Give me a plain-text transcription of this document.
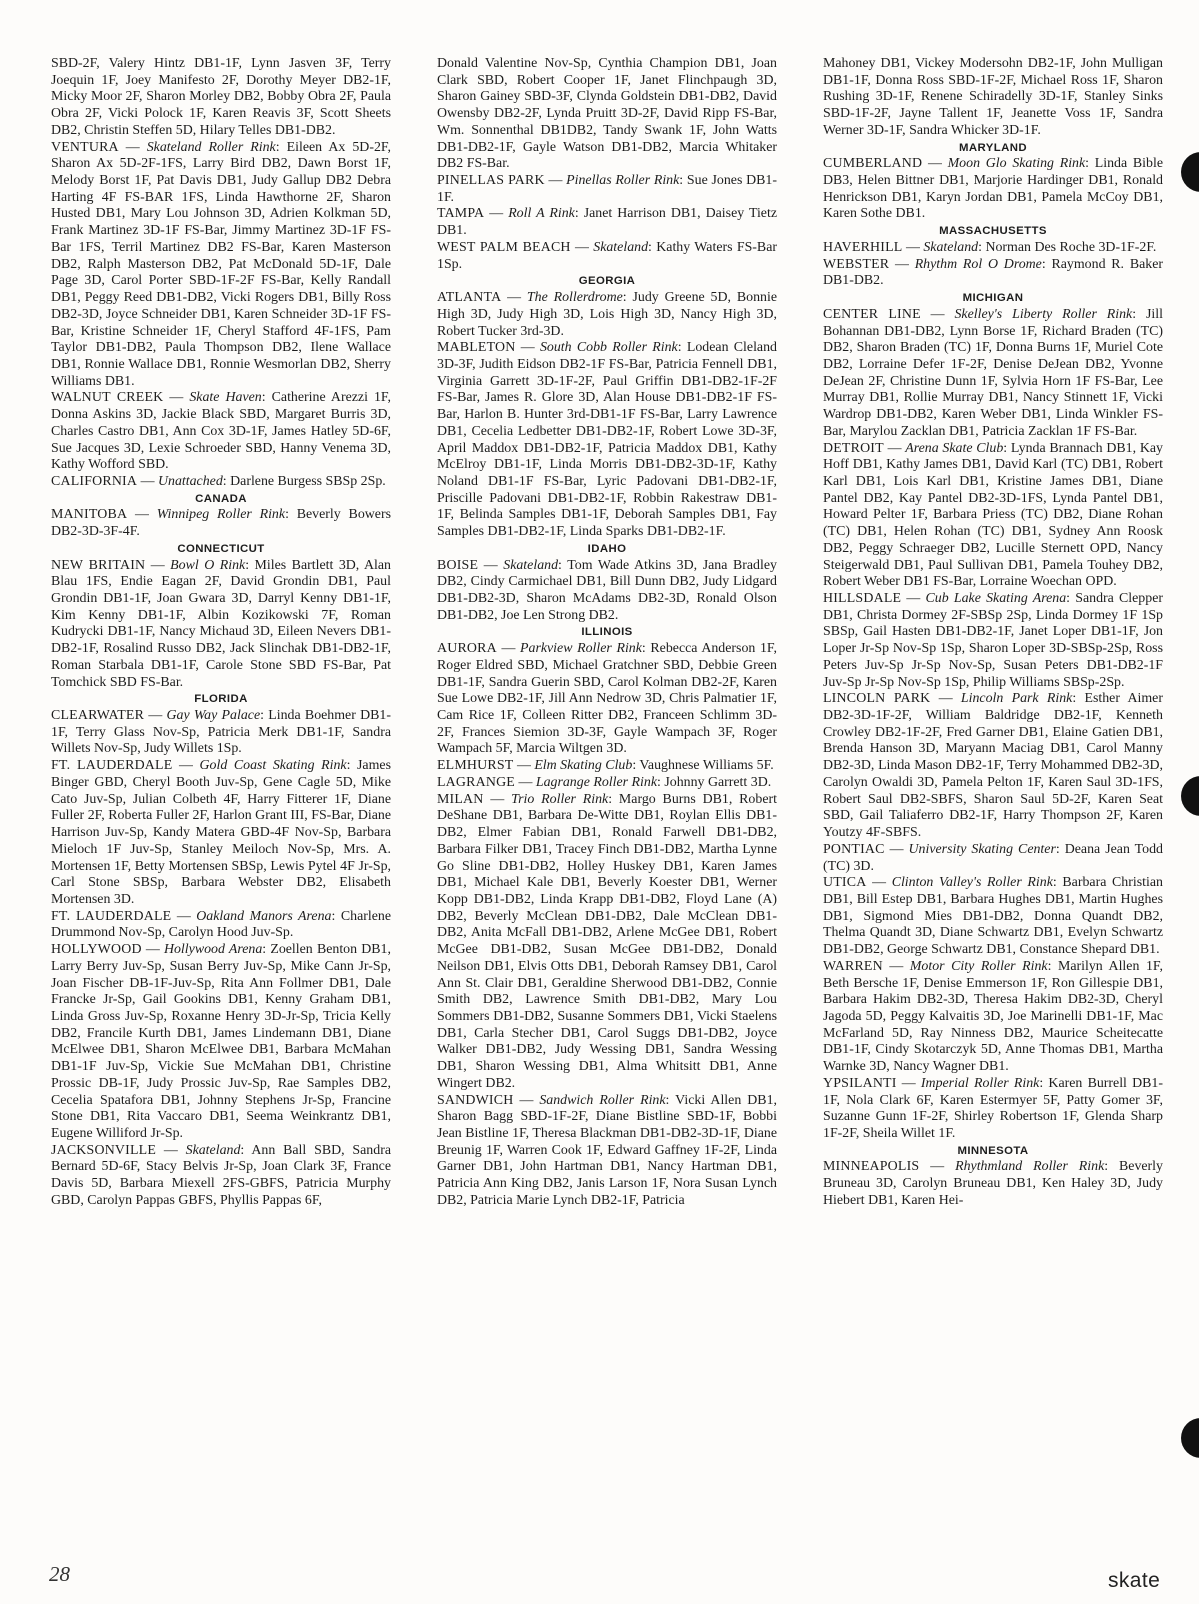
SBD-2F, Valery Hintz DB1-1F, Lynn Jasven 3F, Terry Joequin 1F, Joey Manifesto 2F, Dorothy Meyer DB2-1F, Micky Moor 2F, Sharon Morley DB2, Bobby Obra 2F, Paula Obra 2F, Vicki Polock 1F, Karen Reavis 3F, Scott Sheets DB2, Christin Steffen 5D, Hilary Telles DB1-DB2.

VENTURA — Skateland Roller Rink: Eileen Ax 5D-2F, Sharon Ax 5D-2F-1FS, Larry Bird DB2, Dawn Borst 1F, Melody Borst 1F, Pat Davis DB1, Judy Gallup DB2 Debra Harting 4F FS-BAR 1FS, Linda Hawthorne 2F, Sharon Husted DB1, Mary Lou Johnson 3D, Adrien Kolkman 5D, Frank Martinez 3D-1F FS-Bar, Jimmy Martinez 3D-1F FS-Bar 1FS, Terril Martinez DB2 FS-Bar, Karen Masterson DB2, Ralph Masterson DB2, Pat McDonald 5D-1F, Dale Page 3D, Carol Porter SBD-1F-2F FS-Bar, Kelly Randall DB1, Peggy Reed DB1-DB2, Vicki Rogers DB1, Billy Ross DB2-3D, Joyce Schneider DB1, Karen Schneider 3D-1F FS-Bar, Kristine Schneider 1F, Cheryl Stafford 4F-1FS, Pam Taylor DB1-DB2, Paula Thompson DB2, Ilene Wallace DB1, Ronnie Wallace DB1, Ronnie Wesmorlan DB2, Sherry Williams DB1.

WALNUT CREEK — Skate Haven: Catherine Arezzi 1F, Donna Askins 3D, Jackie Black SBD, Margaret Burris 3D, Charles Castro DB1, Ann Cox 3D-1F, James Hatley 5D-6F, Sue Jacques 3D, Lexie Schroeder SBD, Hanny Venema 3D, Kathy Wofford SBD.

CALIFORNIA — Unattached: Darlene Burgess SBSp 2Sp.

CANADA

MANITOBA — Winnipeg Roller Rink: Beverly Bowers DB2-3D-3F-4F.

CONNECTICUT

NEW BRITAIN — Bowl O Rink: Miles Bartlett 3D, Alan Blau 1FS, Endie Eagan 2F, David Grondin DB1, Paul Grondin DB1-1F, Joan Gwara 3D, Darryl Kenny DB1-1F, Kim Kenny DB1-1F, Albin Kozikowski 7F, Roman Kudrycki DB1-1F, Nancy Michaud 3D, Eileen Nevers DB1-DB2-1F, Rosalind Russo DB2, Jack Slinchak DB1-DB2-1F, Roman Starbala DB1-1F, Carole Stone SBD FS-Bar, Pat Tomchick SBD FS-Bar.

FLORIDA

CLEARWATER — Gay Way Palace: Linda Boehmer DB1-1F, Terry Glass Nov-Sp, Patricia Merk DB1-1F, Sandra Willets Nov-Sp, Judy Willets 1Sp.

FT. LAUDERDALE — Gold Coast Skating Rink: James Binger GBD, Cheryl Booth Juv-Sp, Gene Cagle 5D, Mike Cato Juv-Sp, Julian Colbeth 4F, Harry Fitterer 1F, Diane Fuller 2F, Roberta Fuller 2F, Harlon Grant III, FS-Bar, Diane Harrison Juv-Sp, Kandy Matera GBD-4F Nov-Sp, Barbara Mieloch 1F Juv-Sp, Stanley Meiloch Nov-Sp, Mrs. A. Mortensen 1F, Betty Mortensen SBSp, Lewis Pytel 4F Jr-Sp, Carl Stone SBSp, Barbara Webster DB2, Elisabeth Mortensen 3D.

FT. LAUDERDALE — Oakland Manors Arena: Charlene Drummond Nov-Sp, Carolyn Hood Juv-Sp.

HOLLYWOOD — Hollywood Arena: Zoellen Benton DB1, Larry Berry Juv-Sp, Susan Berry Juv-Sp, Mike Cann Jr-Sp, Joan Fischer DB-1F-Juv-Sp, Rita Ann Follmer DB1, Dale Francke Jr-Sp, Gail Gookins DB1, Kenny Graham DB1, Linda Gross Juv-Sp, Roxanne Henry 3D-Jr-Sp, Tricia Kelly DB2, Francile Kurth DB1, James Lindemann DB1, Diane McElwee DB1, Sharon McElwee DB1, Barbara McMahan DB1-1F Juv-Sp, Vickie Sue McMahan DB1, Christine Prossic DB-1F, Judy Prossic Juv-Sp, Rae Samples DB2, Cecelia Spatafora DB1, Johnny Stephens Jr-Sp, Francine Stone DB1, Rita Vaccaro DB1, Seema Weinkrantz DB1, Eugene Williford Jr-Sp.

JACKSONVILLE — Skateland: Ann Ball SBD, Sandra Bernard 5D-6F, Stacy Belvis Jr-Sp, Joan Clark 3F, France Davis 5D, Barbara Miexell 2FS-GBFS, Patricia Murphy GBD, Carolyn Pappas GBFS, Phyllis Pappas 6F,

Donald Valentine Nov-Sp, Cynthia Champion DB1, Joan Clark SBD, Robert Cooper 1F, Janet Flinchpaugh 3D, Sharon Gainey SBD-3F, Clynda Goldstein DB1-DB2, David Owensby DB2-2F, Lynda Pruitt 3D-2F, David Ripp FS-Bar, Wm. Sonnenthal DB1DB2, Tandy Swank 1F, John Watts DB1-DB2-1F, Gayle Watson DB1-DB2, Marcia Whitaker DB2 FS-Bar.

PINELLAS PARK — Pinellas Roller Rink: Sue Jones DB1-1F.

TAMPA — Roll A Rink: Janet Harrison DB1, Daisey Tietz DB1.

WEST PALM BEACH — Skateland: Kathy Waters FS-Bar 1Sp.

GEORGIA

ATLANTA — The Rollerdrome: Judy Greene 5D, Bonnie High 3D, Judy High 3D, Lois High 3D, Nancy High 3D, Robert Tucker 3rd-3D.

MABLETON — South Cobb Roller Rink: Lodean Cleland 3D-3F, Judith Eidson DB2-1F FS-Bar, Patricia Fennell DB1, Virginia Garrett 3D-1F-2F, Paul Griffin DB1-DB2-1F-2F FS-Bar, James R. Glore 3D, Alan House DB1-DB2-1F FS-Bar, Harlon B. Hunter 3rd-DB1-1F FS-Bar, Larry Lawrence DB1, Cecelia Ledbetter DB1-DB2-1F, Robert Lowe 3D-3F, April Maddox DB1-DB2-1F, Patricia Maddox DB1, Kathy McElroy DB1-1F, Linda Morris DB1-DB2-3D-1F, Kathy Noland DB1-1F FS-Bar, Lyric Padovani DB1-DB2-1F, Priscille Padovani DB1-DB2-1F, Robbin Rakestraw DB1-1F, Belinda Samples DB1-1F, Deborah Samples DB1, Fay Samples DB1-DB2-1F, Linda Sparks DB1-DB2-1F.

IDAHO

BOISE — Skateland: Tom Wade Atkins 3D, Jana Bradley DB2, Cindy Carmichael DB1, Bill Dunn DB2, Judy Lidgard DB1-DB2-3D, Sharon McAdams DB2-3D, Ronald Olson DB1-DB2, Joe Len Strong DB2.

ILLINOIS

AURORA — Parkview Roller Rink: Rebecca Anderson 1F, Roger Eldred SBD, Michael Gratchner SBD, Debbie Green DB1-1F, Sandra Guerin SBD, Carol Kolman DB2-2F, Karen Sue Lowe DB2-1F, Jill Ann Nedrow 3D, Chris Palmatier 1F, Cam Rice 1F, Colleen Ritter DB2, Franceen Schlimm 3D-2F, Frances Siemion 3D-3F, Gayle Wampach 3F, Roger Wampach 5F, Marcia Wiltgen 3D.

ELMHURST — Elm Skating Club: Vaughnese Williams 5F.

LAGRANGE — Lagrange Roller Rink: Johnny Garrett 3D.

MILAN — Trio Roller Rink: Margo Burns DB1, Robert DeShane DB1, Barbara De-Witte DB1, Roylan Ellis DB1-DB2, Elmer Fabian DB1, Ronald Farwell DB1-DB2, Barbara Filker DB1, Tracey Finch DB1-DB2, Martha Lynne Go Sline DB1-DB2, Holley Huskey DB1, Karen James DB1, Michael Kale DB1, Beverly Koester DB1, Werner Kopp DB1-DB2, Linda Krapp DB1-DB2, Floyd Lane (A) DB2, Beverly McClean DB1-DB2, Dale McClean DB1-DB2, Anita McFall DB1-DB2, Arlene McGee DB1, Robert McGee DB1-DB2, Susan McGee DB1-DB2, Donald Neilson DB1, Elvis Otts DB1, Deborah Ramsey DB1, Carol Ann St. Clair DB1, Geraldine Sherwood DB1-DB2, Connie Smith DB2, Lawrence Smith DB1-DB2, Mary Lou Sommers DB1-DB2, Susanne Sommers DB1, Vicki Staelens DB1, Carla Stecher DB1, Carol Suggs DB1-DB2, Joyce Walker DB1-DB2, Judy Wessing DB1, Sandra Wessing DB1, Sharon Wessing DB1, Alma Whitsitt DB1, Anne Wingert DB2.

SANDWICH — Sandwich Roller Rink: Vicki Allen DB1, Sharon Bagg SBD-1F-2F, Diane Bistline SBD-1F, Bobbi Jean Bistline 1F, Theresa Blackman DB1-DB2-3D-1F, Diane Breunig 1F, Warren Cook 1F, Edward Gaffney 1F-2F, Linda Garner DB1, John Hartman DB1, Nancy Hartman DB1, Patricia Ann King DB2, Janis Larson 1F, Nora Susan Lynch DB2, Patricia Marie Lynch DB2-1F, Patricia

Mahoney DB1, Vickey Modersohn DB2-1F, John Mulligan DB1-1F, Donna Ross SBD-1F-2F, Michael Ross 1F, Sharon Rushing 3D-1F, Renene Schiradelly 3D-1F, Stanley Sinks SBD-1F-2F, Jayne Tallent 1F, Jeanette Voss 1F, Sandra Werner 3D-1F, Sandra Whicker 3D-1F.

MARYLAND

CUMBERLAND — Moon Glo Skating Rink: Linda Bible DB3, Helen Bittner DB1, Marjorie Hardinger DB1, Ronald Henrickson DB1, Karyn Jordan DB1, Pamela McCoy DB1, Karen Sothe DB1.

MASSACHUSETTS

HAVERHILL — Skateland: Norman Des Roche 3D-1F-2F.

WEBSTER — Rhythm Rol O Drome: Raymond R. Baker DB1-DB2.

MICHIGAN

CENTER LINE — Skelley's Liberty Roller Rink: Jill Bohannan DB1-DB2, Lynn Borse 1F, Richard Braden (TC) DB2, Sharon Braden (TC) 1F, Donna Burns 1F, Muriel Cote DB2, Lorraine Defer 1F-2F, Denise DeJean DB2, Yvonne DeJean 2F, Christine Dunn 1F, Sylvia Horn 1F FS-Bar, Lee Murray DB1, Rollie Murray DB1, Nancy Stinnett 1F, Vicki Wardrop DB1-DB2, Karen Weber DB1, Linda Winkler FS-Bar, Marylou Zacklan DB1, Patricia Zacklan 1F FS-Bar.

DETROIT — Arena Skate Club: Lynda Brannach DB1, Kay Hoff DB1, Kathy James DB1, David Karl (TC) DB1, Robert Karl DB1, Lois Karl DB1, Kristine James DB1, Diane Pantel DB2, Kay Pantel DB2-3D-1FS, Lynda Pantel DB1, Howard Pelter 1F, Barbara Priess (TC) DB2, Diane Rohan (TC) DB1, Helen Rohan (TC) DB1, Sydney Ann Roosk DB2, Peggy Schraeger DB2, Lucille Sternett OPD, Nancy Steigerwald DB1, Paul Sullivan DB1, Pamela Touhey DB2, Robert Weber DB1 FS-Bar, Lorraine Woechan OPD.

HILLSDALE — Cub Lake Skating Arena: Sandra Clepper DB1, Christa Dormey 2F-SBSp 2Sp, Linda Dormey 1F 1Sp SBSp, Gail Hasten DB1-DB2-1F, Janet Loper DB1-1F, Jon Loper Jr-Sp Nov-Sp 1Sp, Sharon Loper 3D-SBSp-2Sp, Ross Peters Juv-Sp Jr-Sp Nov-Sp, Susan Peters DB1-DB2-1F Juv-Sp Jr-Sp Nov-Sp 1Sp, Philip Williams SBSp-2Sp.

LINCOLN PARK — Lincoln Park Rink: Esther Aimer DB2-3D-1F-2F, William Baldridge DB2-1F, Kenneth Crowley DB2-1F-2F, Fred Garner DB1, Elaine Gatien DB1, Brenda Hanson 3D, Maryann Maciag DB1, Carol Manny DB2-3D, Linda Mason DB2-1F, Terry Mohammed DB2-3D, Carolyn Owaldi 3D, Pamela Pelton 1F, Karen Saul 3D-1FS, Robert Saul DB2-SBFS, Sharon Saul 5D-2F, Karen Seat SBD, Gail Taliaferro DB2-1F, Harry Thompson 2F, Karen Youtzy 4F-SBFS.

PONTIAC — University Skating Center: Deana Jean Todd (TC) 3D.

UTICA — Clinton Valley's Roller Rink: Barbara Christian DB1, Bill Estep DB1, Barbara Hughes DB1, Martin Hughes DB1, Sigmond Mies DB1-DB2, Donna Quandt DB2, Thelma Quandt 3D, Diane Schwartz DB1, Evelyn Schwartz DB1-DB2, George Schwartz DB1, Constance Shepard DB1.

WARREN — Motor City Roller Rink: Marilyn Allen 1F, Beth Bersche 1F, Denise Emmerson 1F, Ron Gillespie DB1, Barbara Hakim DB2-3D, Theresa Hakim DB2-3D, Cheryl Jagoda 5D, Peggy Kalvaitis 3D, Joe Marinelli DB1-1F, Mac McFarland 5D, Ray Ninness DB2, Maurice Scheitecatte DB1-1F, Cindy Skotarczyk 5D, Anne Thomas DB1, Martha Warnke 3D, Nancy Wagner DB1.

YPSILANTI — Imperial Roller Rink: Karen Burrell DB1-1F, Nola Clark 6F, Karen Estermyer 5F, Patty Gomer 3F, Suzanne Gunn 1F-2F, Shirley Robertson 1F, Glenda Sharp 1F-2F, Sheila Willet 1F.

MINNESOTA

MINNEAPOLIS — Rhythmland Roller Rink: Beverly Bruneau 3D, Carolyn Bruneau DB1, Ken Haley 3D, Judy Hiebert DB1, Karen Hei-

28	skate
